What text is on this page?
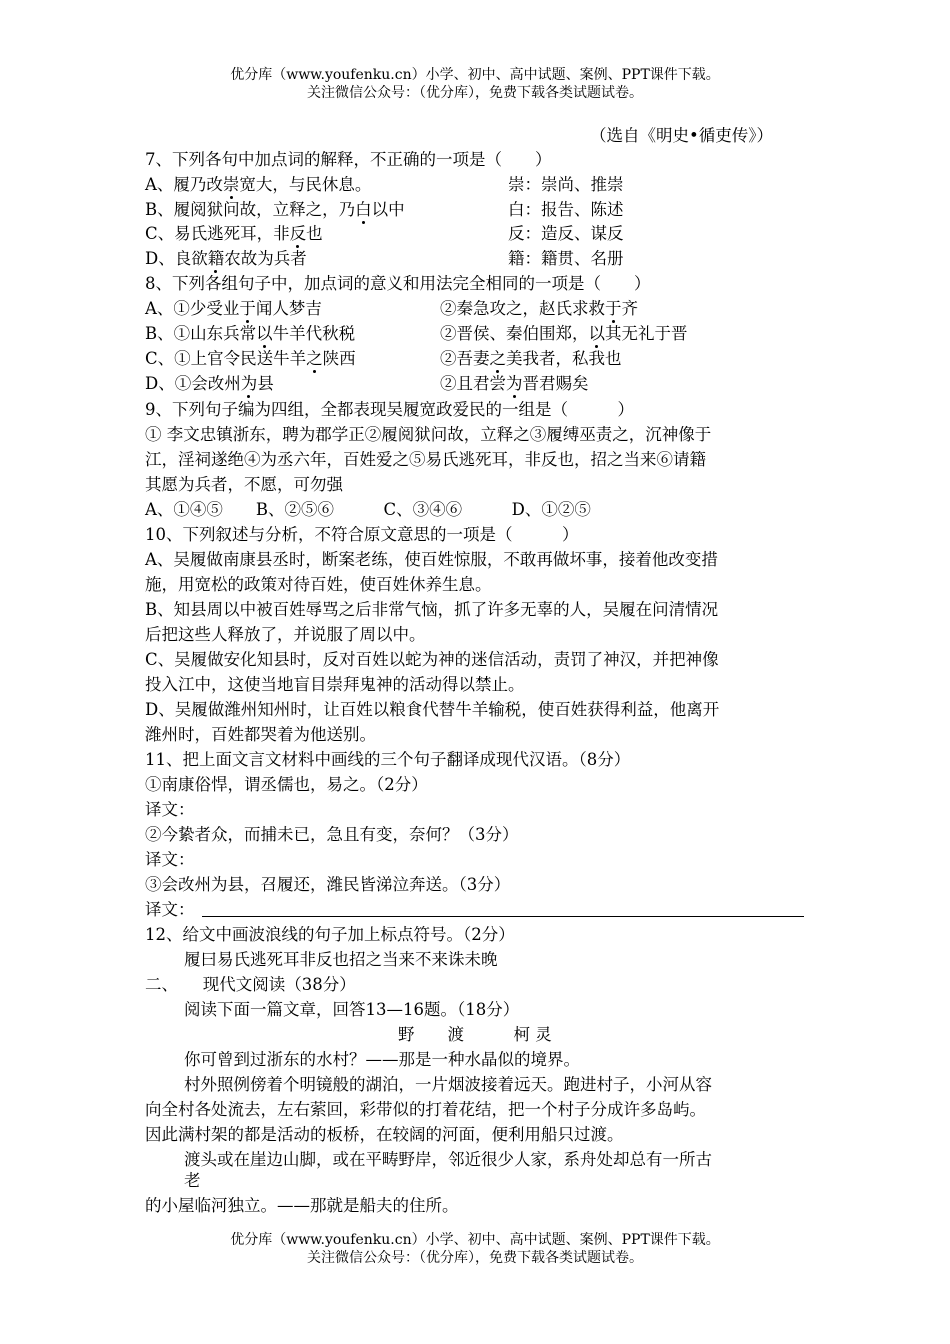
优分库（www.youfenku.cn）小学、初中、高中试题、案例、PPT课件下载。
关注微信公众号：（优分库），免费下载各类试题试卷。
（选自《明史•循吏传》）
7、下列各句中加点词的解释，不正确的一项是（　　）
A、履乃改崇宽大，与民休息。	崇：崇尚、推崇
B、履阅狱问故，立释之，乃白以中	白：报告、陈述
C、易氏逃死耳，非反也	反：造反、谋反
D、良欲籍农故为兵者	籍：籍贯、名册
8、下列各组句子中，加点词的意义和用法完全相同的一项是（　　）
A、①少受业于闻人梦吉	②秦急攻之，赵氏求救于齐
B、①山东兵常以牛羊代秋税	②晋侯、秦伯围郑，以其无礼于晋
C、①上官令民送牛羊之陕西	②吾妻之美我者，私我也
D、①会改州为县	②且君尝为晋君赐矣
9、下列句子编为四组，全都表现吴履宽政爱民的一组是（　　　）
① 李文忠镇浙东，聘为郡学正②履阅狱问故，立释之③履缚巫责之，沉神像于
江，淫祠遂绝④为丞六年，百姓爱之⑤易氏逃死耳，非反也，招之当来⑥请籍
其愿为兵者，不愿，可勿强
A、①④⑤　　B、②⑤⑥　　　C、③④⑥　　　D、①②⑤
10、下列叙述与分析，不符合原文意思的一项是（　　　）
A、吴履做南康县丞时，断案老练，使百姓惊服，不敢再做坏事，接着他改变措
施，用宽松的政策对待百姓，使百姓休养生息。
B、知县周以中被百姓辱骂之后非常气恼，抓了许多无辜的人，吴履在问清情况
后把这些人释放了，并说服了周以中。
C、吴履做安化知县时，反对百姓以蛇为神的迷信活动，责罚了神汉，并把神像
投入江中，这使当地盲目崇拜鬼神的活动得以禁止。
D、吴履做潍州知州时，让百姓以粮食代替牛羊输税，使百姓获得利益，他离开
潍州时，百姓都哭着为他送别。
11、把上面文言文材料中画线的三个句子翻译成现代汉语。（8分）
①南康俗悍，谓丞儒也，易之。（2分）
译文：
②今絷者众，而捕未已，急且有变，奈何？（3分）
译文：
③会改州为县，召履还，潍民皆涕泣奔送。（3分）
译文：
12、给文中画波浪线的句子加上标点符号。（2分）
履曰易氏逃死耳非反也招之当来不来诛未晚
二、　　现代文阅读（38分）
阅读下面一篇文章，回答13—16题。（18分）
野　　渡　　　柯 灵
你可曾到过浙东的水村？——那是一种水晶似的境界。
村外照例傍着个明镜般的湖泊，一片烟波接着远天。跑进村子，小河从容
向全村各处流去，左右萦回，彩带似的打着花结，把一个村子分成许多岛屿。
因此满村架的都是活动的板桥，在较阔的河面，便利用船只过渡。
渡头或在崖边山脚，或在平畴野岸，邻近很少人家，系舟处却总有一所古
老
的小屋临河独立。——那就是船夫的住所。
优分库（www.youfenku.cn）小学、初中、高中试题、案例、PPT课件下载。
关注微信公众号：（优分库），免费下载各类试题试卷。
